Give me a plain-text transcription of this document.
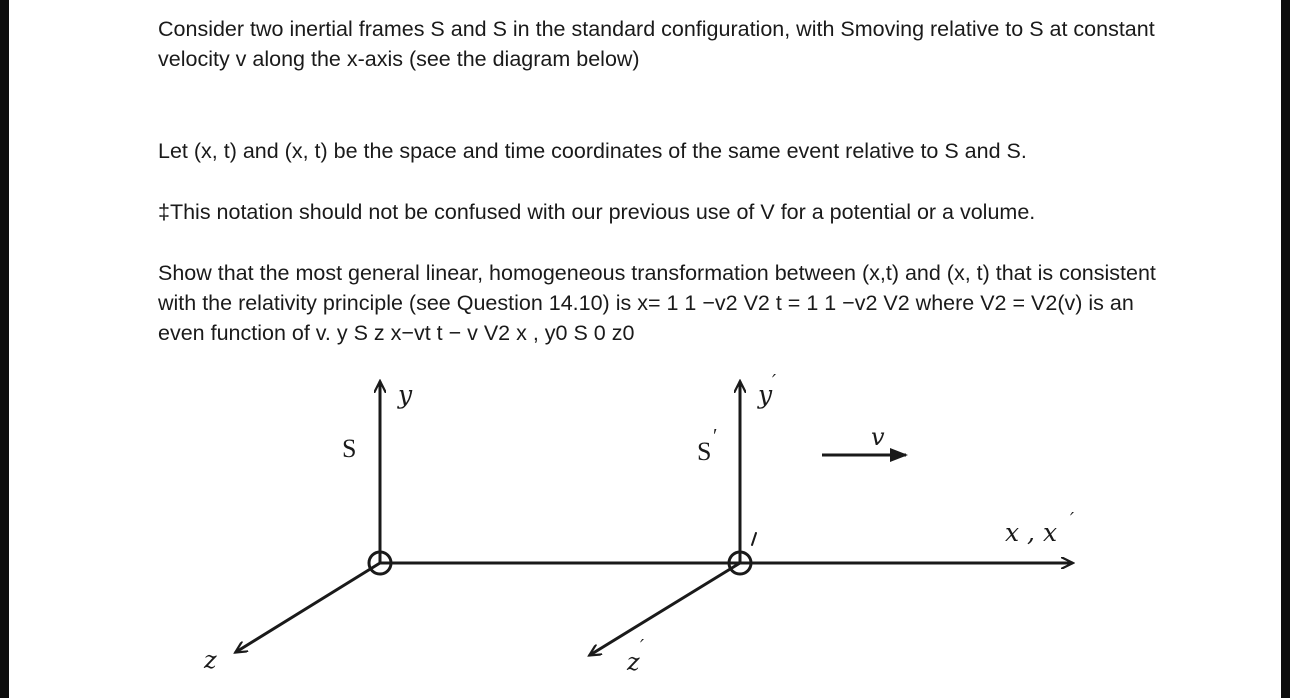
Consider two inertial frames S and S in the standard configuration, with Smoving relative to S at constant velocity v along the x-axis (see the diagram below)

Let (x, t) and (x, t) be the space and time coordinates of the same event relative to S and S.

‡This notation should not be confused with our previous use of V for a potential or a volume.

Show that the most general linear, homogeneous transformation between (x,t) and (x, t) that is consistent with the relativity principle (see Question 14.10) is x= 1 1 −v2 V2 t = 1 1 −v2 V2 where V2 = V2(v) is an even function of v. y S z x−vt t − v V2 x , y0 S 0 z0

y	y ′
S	S
′	v
x , x ′
z	z
′
